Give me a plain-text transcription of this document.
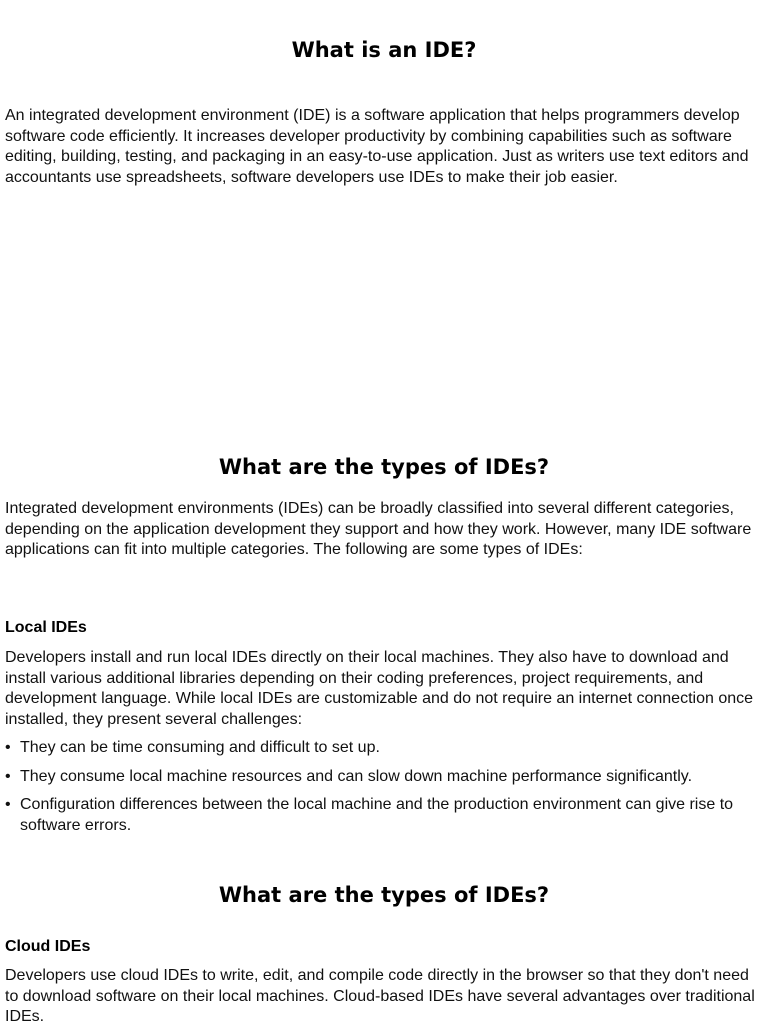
What is an IDE?

An integrated development environment (IDE) is a software application that helps programmers develop software code efficiently. It increases developer productivity by combining capabilities such as software editing, building, testing, and packaging in an easy-to-use application. Just as writers use text editors and accountants use spreadsheets, software developers use IDEs to make their job easier.

What are the types of IDEs?

Integrated development environments (IDEs) can be broadly classified into several different categories, depending on the application development they support and how they work. However, many IDE software applications can fit into multiple categories. The following are some types of IDEs:

Local IDEs

Developers install and run local IDEs directly on their local machines. They also have to download and install various additional libraries depending on their coding preferences, project requirements, and development language. While local IDEs are customizable and do not require an internet connection once installed, they present several challenges:

• They can be time consuming and difficult to set up.
• They consume local machine resources and can slow down machine performance significantly.
• Configuration differences between the local machine and the production environment can give rise to software errors.
What are the types of IDEs?
Cloud IDEs

Developers use cloud IDEs to write, edit, and compile code directly in the browser so that they don't need to download software on their local machines. Cloud-based IDEs have several advantages over traditional IDEs.
